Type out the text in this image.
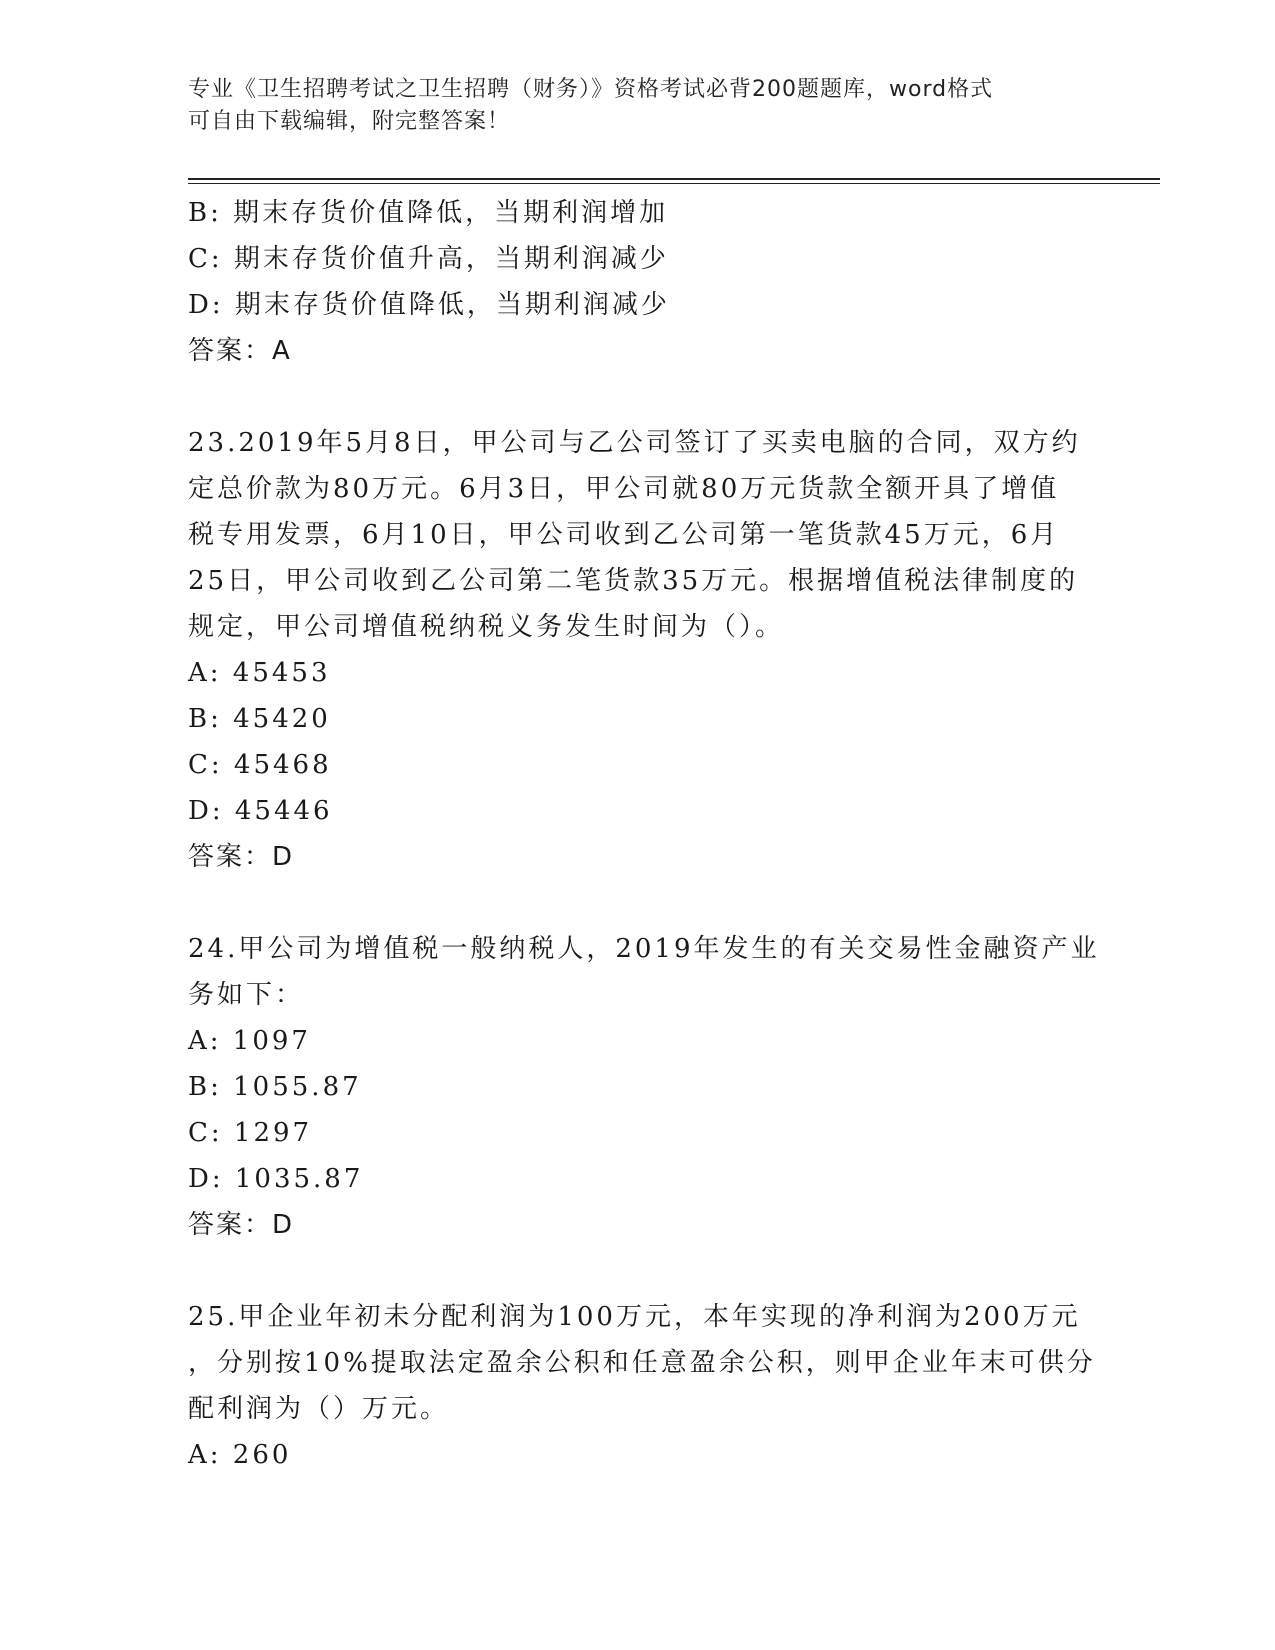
专业《卫生招聘考试之卫生招聘（财务）》资格考试必背200题题库，word格式
可自由下载编辑，附完整答案！
B: 期末存货价值降低，当期利润增加
C: 期末存货价值升高，当期利润减少
D: 期末存货价值降低，当期利润减少
答案：A
23.2019年5月8日，甲公司与乙公司签订了买卖电脑的合同，双方约
定总价款为80万元。6月3日，甲公司就80万元货款全额开具了增值
税专用发票，6月10日，甲公司收到乙公司第一笔货款45万元，6月
25日，甲公司收到乙公司第二笔货款35万元。根据增值税法律制度的
规定，甲公司增值税纳税义务发生时间为（）。
A: 45453
B: 45420
C: 45468
D: 45446
答案：D
24.甲公司为增值税一般纳税人，2019年发生的有关交易性金融资产业
务如下：
A: 1097
B: 1055.87
C: 1297
D: 1035.87
答案：D
25.甲企业年初未分配利润为100万元，本年实现的净利润为200万元
，分别按10%提取法定盈余公积和任意盈余公积，则甲企业年末可供分
配利润为（）万元。
A: 260
